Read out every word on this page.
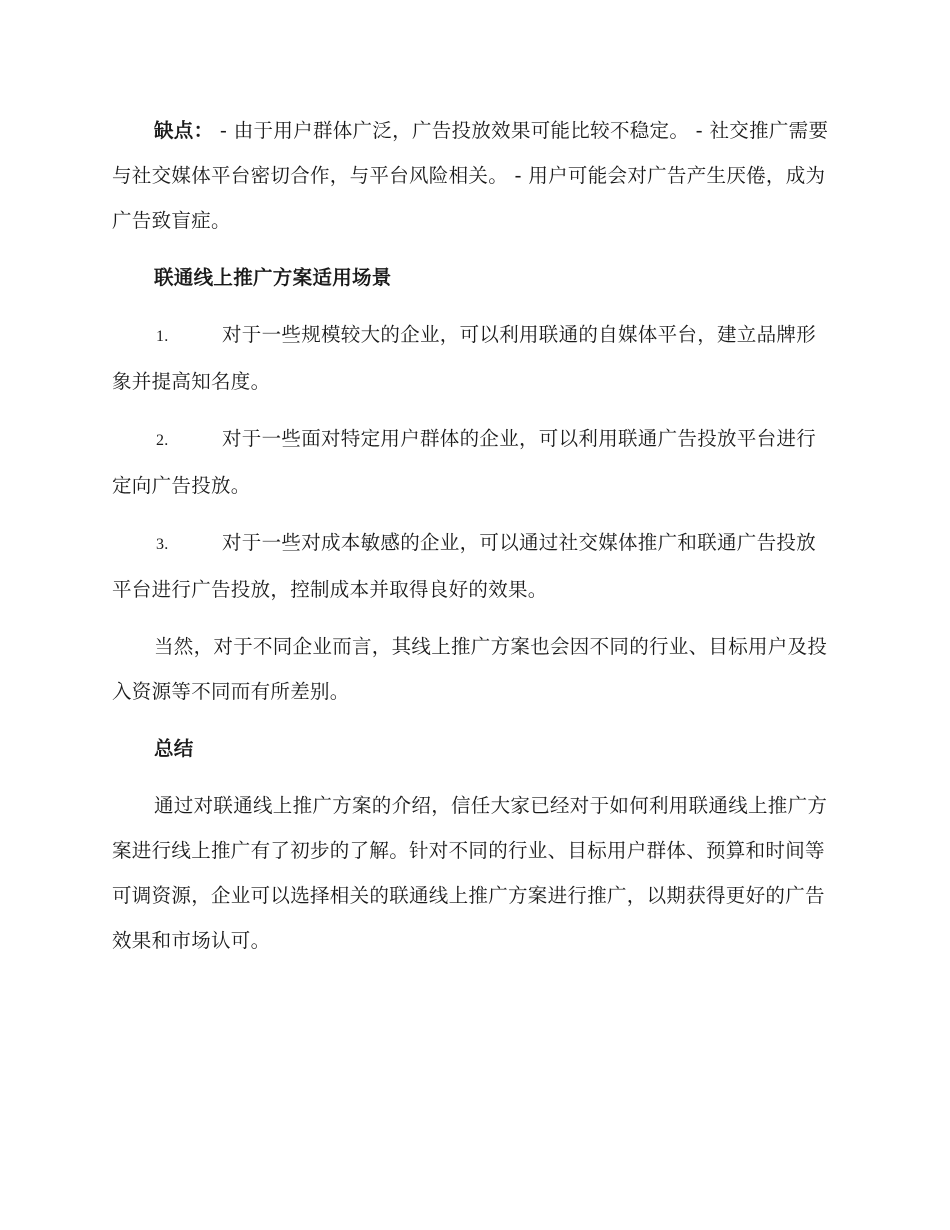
缺点： - 由于用户群体广泛，广告投放效果可能比较不稳定。 - 社交推广需要与社交媒体平台密切合作，与平台风险相关。 - 用户可能会对广告产生厌倦，成为广告致盲症。

联通线上推广方案适用场景

1.	对于一些规模较大的企业，可以利用联通的自媒体平台，建立品牌形象并提高知名度。

2.	对于一些面对特定用户群体的企业，可以利用联通广告投放平台进行定向广告投放。

3.	对于一些对成本敏感的企业，可以通过社交媒体推广和联通广告投放平台进行广告投放，控制成本并取得良好的效果。

当然，对于不同企业而言，其线上推广方案也会因不同的行业、目标用户及投入资源等不同而有所差别。

总结

通过对联通线上推广方案的介绍，信任大家已经对于如何利用联通线上推广方案进行线上推广有了初步的了解。针对不同的行业、目标用户群体、预算和时间等可调资源，企业可以选择相关的联通线上推广方案进行推广，以期获得更好的广告效果和市场认可。
